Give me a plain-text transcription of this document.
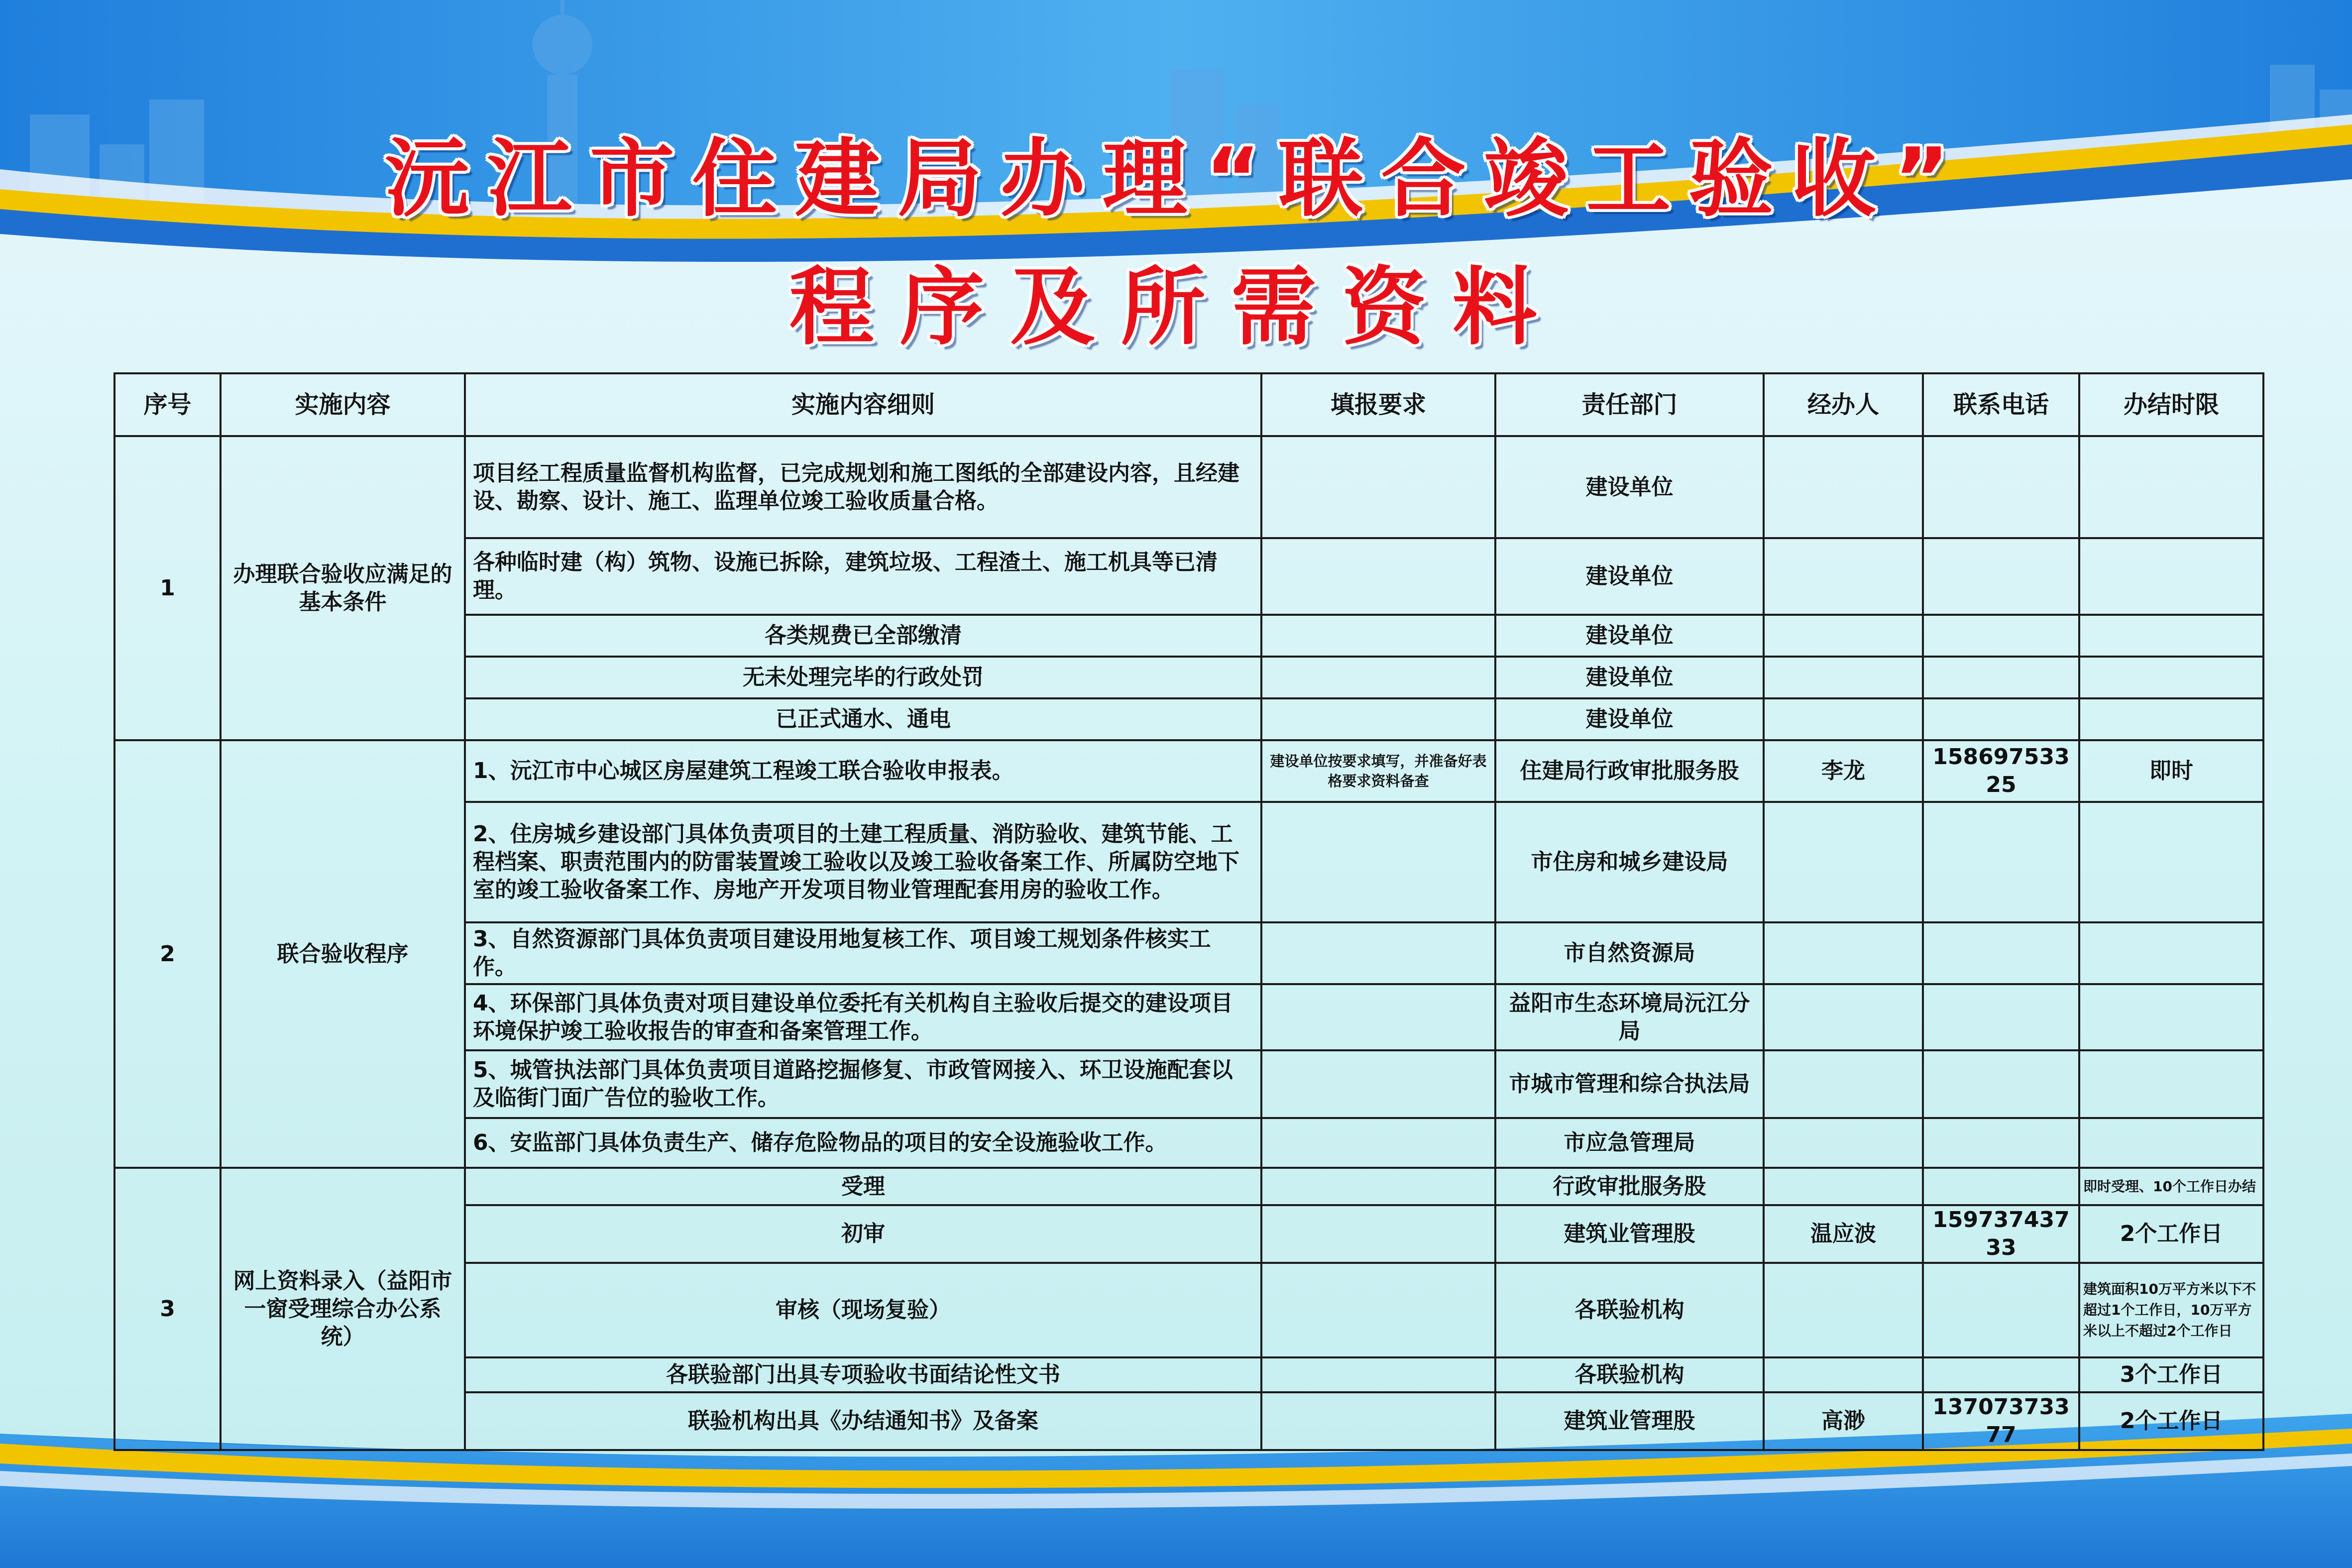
沅江市住建局办理“联合竣工验收”
程序及所需资料
序号	实施内容	实施内容细则	填报要求	责任部门	经办人	联系电话	办结时限
1	办理联合验收应满足的基本条件	项目经工程质量监督机构监督，已完成规划和施工图纸的全部建设内容，且经建设、勘察、设计、施工、监理单位竣工验收质量合格。		建设单位			
		各种临时建（构）筑物、设施已拆除，建筑垃圾、工程渣土、施工机具等已清理。		建设单位			
		各类规费已全部缴清		建设单位			
		无未处理完毕的行政处罚		建设单位			
		已正式通水、通电		建设单位			
2	联合验收程序	1、沅江市中心城区房屋建筑工程竣工联合验收申报表。	建设单位按要求填写，并准备好表格要求资料备查	住建局行政审批服务股	李龙	15869753325	即时
		2、住房城乡建设部门具体负责项目的土建工程质量、消防验收、建筑节能、工程档案、职责范围内的防雷装置竣工验收以及竣工验收备案工作、所属防空地下室的竣工验收备案工作、房地产开发项目物业管理配套用房的验收工作。		市住房和城乡建设局			
		3、自然资源部门具体负责项目建设用地复核工作、项目竣工规划条件核实工作。		市自然资源局			
		4、环保部门具体负责对项目建设单位委托有关机构自主验收后提交的建设项目环境保护竣工验收报告的审查和备案管理工作。		益阳市生态环境局沅江分局			
		5、城管执法部门具体负责项目道路挖掘修复、市政管网接入、环卫设施配套以及临街门面广告位的验收工作。		市城市管理和综合执法局			
		6、安监部门具体负责生产、储存危险物品的项目的安全设施验收工作。		市应急管理局			
3	网上资料录入（益阳市一窗受理综合办公系统）	受理		行政审批服务股			即时受理、10个工作日办结
		初审		建筑业管理股	温应波	15973743733	2个工作日
		审核（现场复验）		各联验机构			建筑面积10万平方米以下不超过1个工作日，10万平方米以上不超过2个工作日
		各联验部门出具专项验收书面结论性文书		各联验机构			3个工作日
		联验机构出具《办结通知书》及备案		建筑业管理股	高渺	13707373377	2个工作日
